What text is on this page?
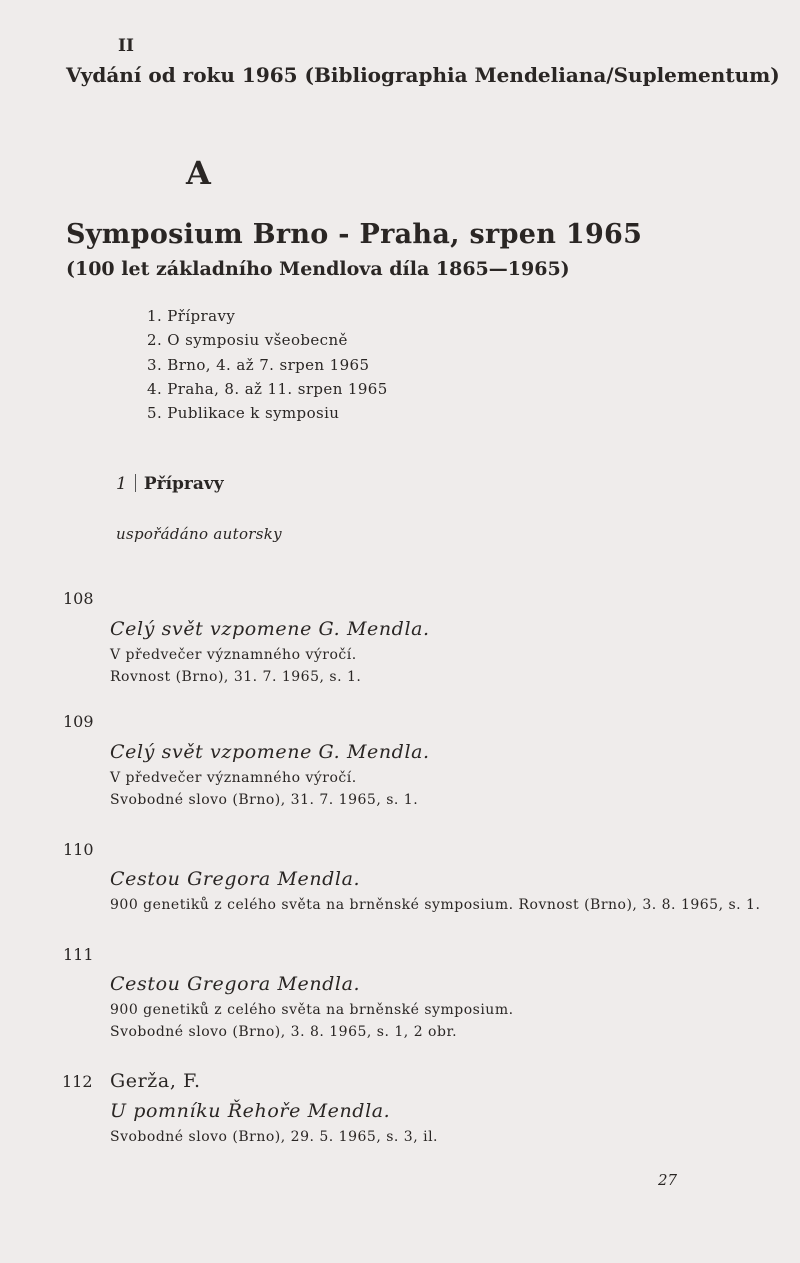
II
Vydání od roku 1965 (Bibliographia Mendeliana/Suplementum)
A
Symposium Brno - Praha, srpen 1965
(100 let základního Mendlova díla 1865—1965)
1. Přípravy
2. O symposiu všeobecně
3. Brno, 4. až 7. srpen 1965
4. Praha, 8. až 11. srpen 1965
5. Publikace k symposiu
1 Přípravy
uspořádáno autorsky
108
Celý svět vzpomene G. Mendla.
V předvečer významného výročí.
Rovnost (Brno), 31. 7. 1965, s. 1.
109
Celý svět vzpomene G. Mendla.
V předvečer významného výročí.
Svobodné slovo (Brno), 31. 7. 1965, s. 1.
110
Cestou Gregora Mendla.
900 genetiků z celého světa na brněnské symposium. Rovnost (Brno), 3. 8. 1965, s. 1.
111
Cestou Gregora Mendla.
900 genetiků z celého světa na brněnské symposium.
Svobodné slovo (Brno), 3. 8. 1965, s. 1, 2 obr.
112 Gerža, F.
U pomníku Řehoře Mendla.
Svobodné slovo (Brno), 29. 5. 1965, s. 3, il.
27
